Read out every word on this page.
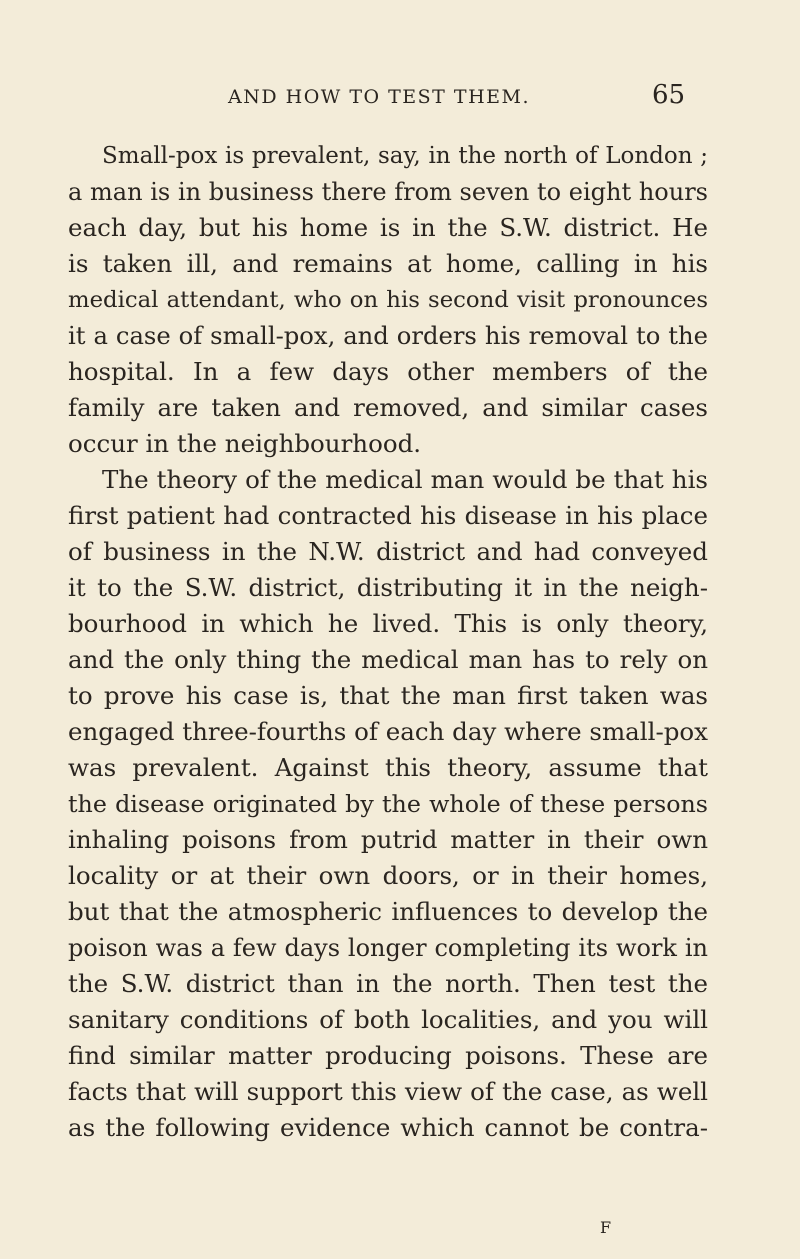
AND HOW TO TEST THEM.	65
Small-pox is prevalent, say, in the north of London ;
a man is in business there from seven to eight hours
each day, but his home is in the S.W. district. He
is taken ill, and remains at home, calling in his
medical attendant, who on his second visit pronounces
it a case of small-pox, and orders his removal to the
hospital. In a few days other members of the
family are taken and removed, and similar cases
occur in the neighbourhood.
The theory of the medical man would be that his
first patient had contracted his disease in his place
of business in the N.W. district and had conveyed
it to the S.W. district, distributing it in the neigh-
bourhood in which he lived. This is only theory,
and the only thing the medical man has to rely on
to prove his case is, that the man first taken was
engaged three-fourths of each day where small-pox
was prevalent. Against this theory, assume that
the disease originated by the whole of these persons
inhaling poisons from putrid matter in their own
locality or at their own doors, or in their homes,
but that the atmospheric influences to develop the
poison was a few days longer completing its work in
the S.W. district than in the north. Then test the
sanitary conditions of both localities, and you will
find similar matter producing poisons. These are
facts that will support this view of the case, as well
as the following evidence which cannot be contra-
F
